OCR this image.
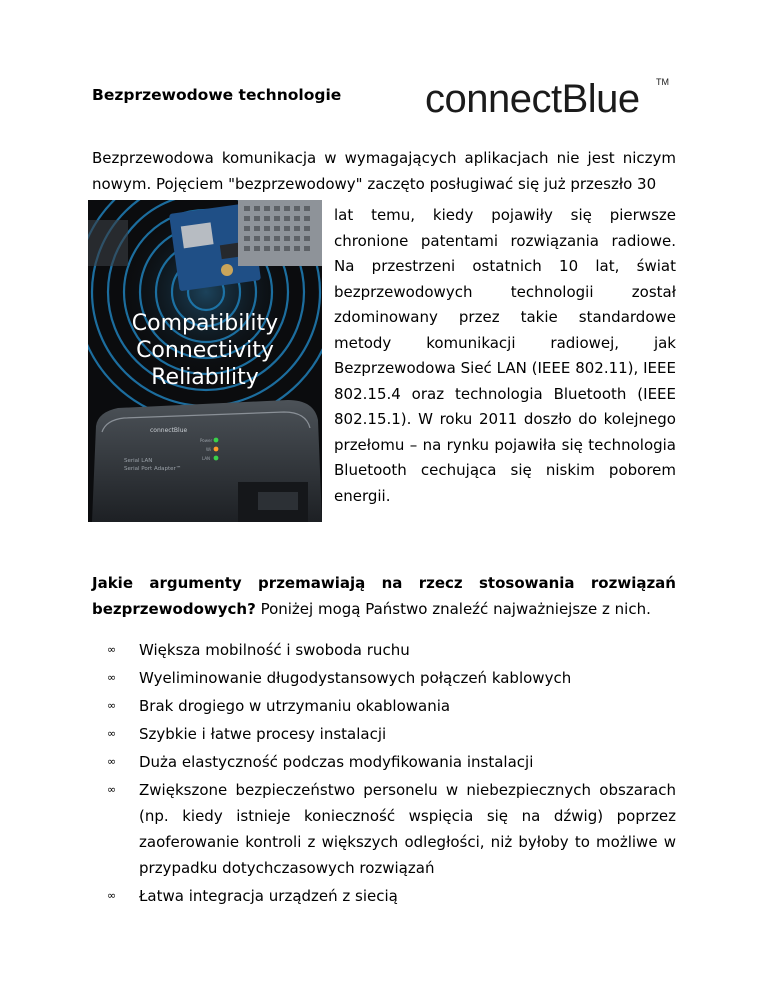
Bezprzewodowe technologie connectBlue TM
Bezprzewodowa komunikacja w wymagających aplikacjach nie jest niczym nowym. Pojęciem "bezprzewodowy" zaczęto posługiwać się już przeszło 30
Compatibility
Connectivity
Reliability
connectBlue
Serial LAN
Serial Port Adapter™
Power
Wi
LAN
lat temu, kiedy pojawiły się pierwsze chronione patentami rozwiązania radiowe. Na przestrzeni ostatnich 10 lat, świat bezprzewodowych technologii został zdominowany przez takie standardowe metody komunikacji radiowej, jak Bezprzewodowa Sieć LAN (IEEE 802.11), IEEE 802.15.4 oraz technologia Bluetooth (IEEE 802.15.1). W roku 2011 doszło do kolejnego przełomu – na rynku pojawiła się technologia Bluetooth cechująca się niskim poborem energii.
Jakie argumenty przemawiają na rzecz stosowania rozwiązań bezprzewodowych? Poniżej mogą Państwo znaleźć najważniejsze z nich.
∞ Większa mobilność i swoboda ruchu
∞ Wyeliminowanie długodystansowych połączeń kablowych
∞ Brak drogiego w utrzymaniu okablowania
∞ Szybkie i łatwe procesy instalacji
∞ Duża elastyczność podczas modyfikowania instalacji
∞ Zwiększone bezpieczeństwo personelu w niebezpiecznych obszarach (np. kiedy istnieje konieczność wspięcia się na dźwig) poprzez zaoferowanie kontroli z większych odległości, niż byłoby to możliwe w przypadku dotychczasowych rozwiązań
∞ Łatwa integracja urządzeń z siecią
